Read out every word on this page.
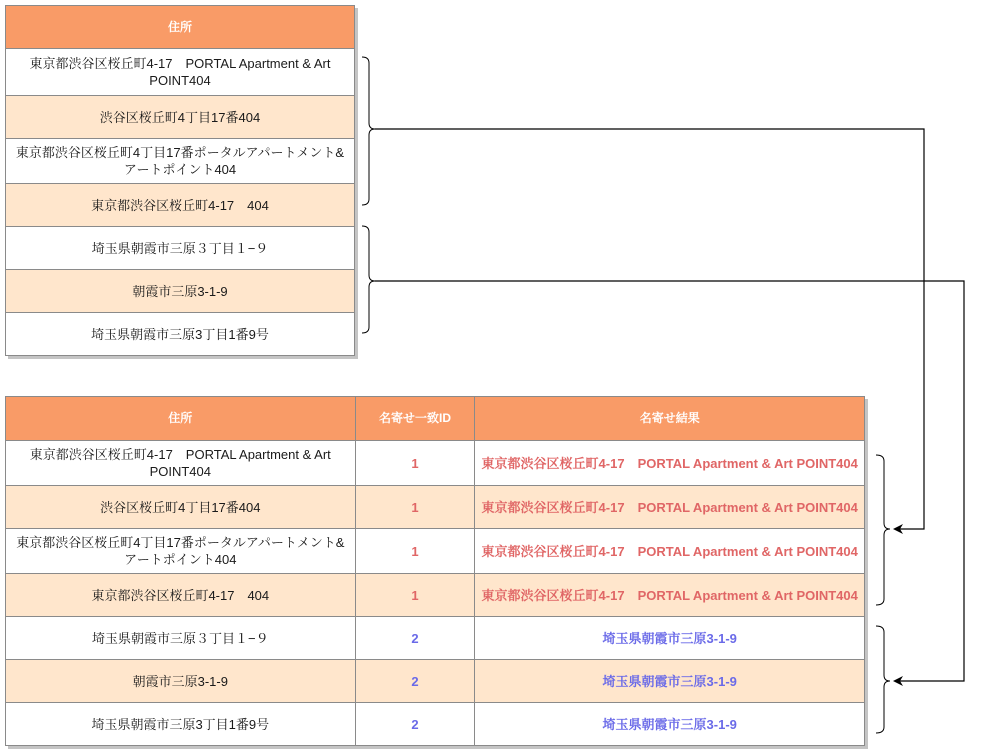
住所
東京都渋谷区桜丘町4-17　PORTAL Apartment & Art POINT404
渋谷区桜丘町4丁目17番404
東京都渋谷区桜丘町4丁目17番ポータルアパートメント&アートポイント404
東京都渋谷区桜丘町4-17　404
埼玉県朝霞市三原３丁目１−９
朝霞市三原3-1-9
埼玉県朝霞市三原3丁目1番9号
住所	名寄せ一致ID	名寄せ結果
東京都渋谷区桜丘町4-17　PORTAL Apartment & Art POINT404	1	東京都渋谷区桜丘町4-17　PORTAL Apartment & Art POINT404
渋谷区桜丘町4丁目17番404	1	東京都渋谷区桜丘町4-17　PORTAL Apartment & Art POINT404
東京都渋谷区桜丘町4丁目17番ポータルアパートメント&アートポイント404	1	東京都渋谷区桜丘町4-17　PORTAL Apartment & Art POINT404
東京都渋谷区桜丘町4-17　404	1	東京都渋谷区桜丘町4-17　PORTAL Apartment & Art POINT404
埼玉県朝霞市三原３丁目１−９	2	埼玉県朝霞市三原3-1-9
朝霞市三原3-1-9	2	埼玉県朝霞市三原3-1-9
埼玉県朝霞市三原3丁目1番9号	2	埼玉県朝霞市三原3-1-9
